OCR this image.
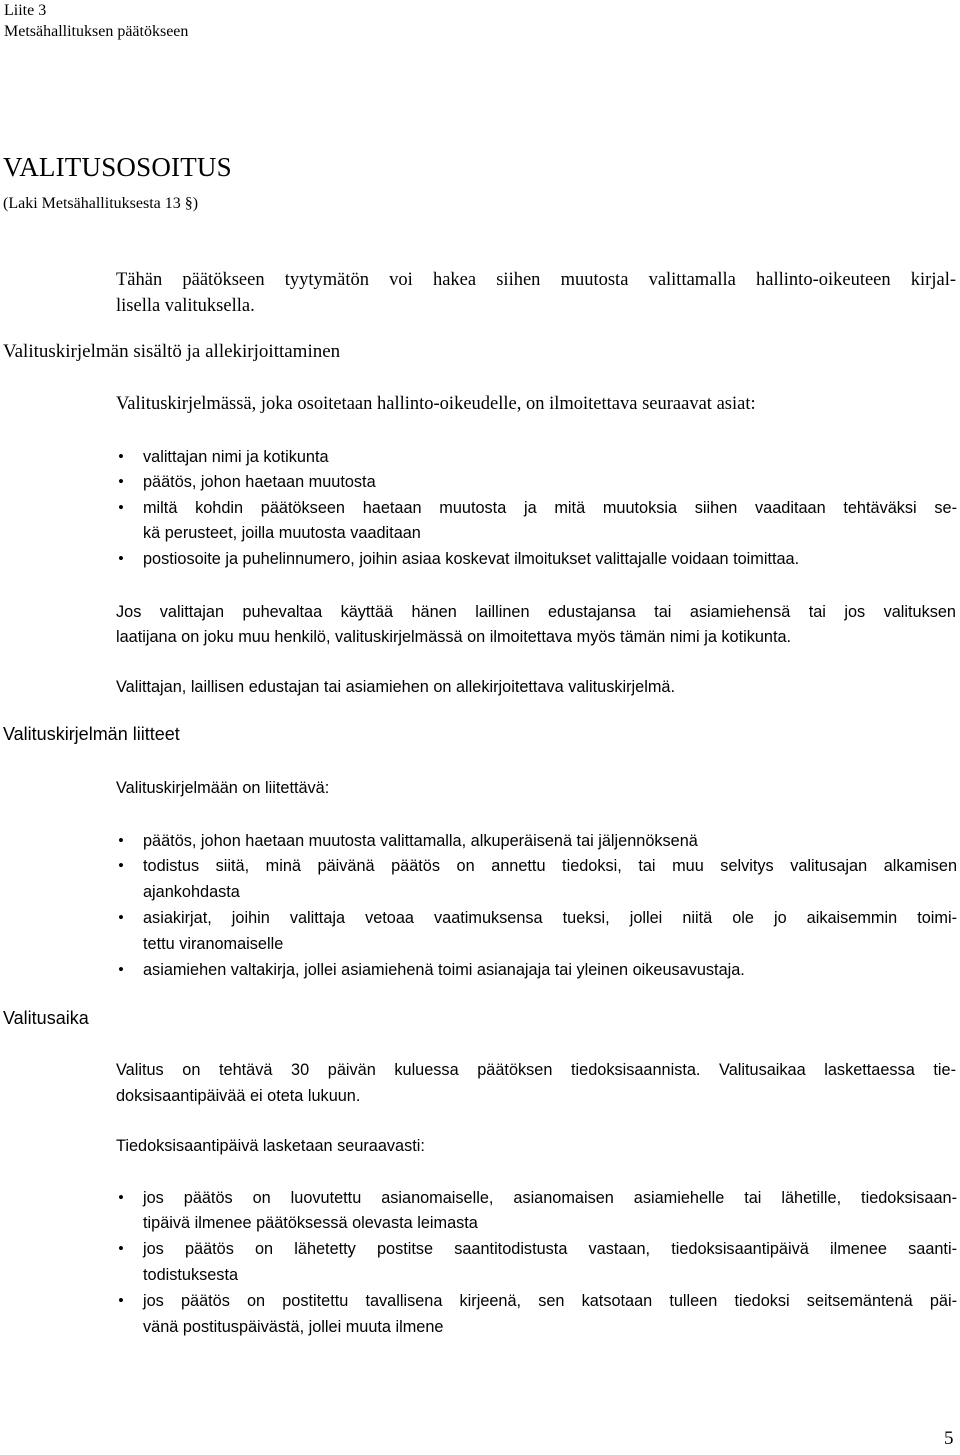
Liite 3
Metsähallituksen päätökseen
VALITUSOSOITUS
(Laki Metsähallituksesta 13 §)
Tähän päätökseen tyytymätön voi hakea siihen muutosta valittamalla hallinto-oikeuteen kirjal-
lisella valituksella.
Valituskirjelmän sisältö ja allekirjoittaminen
Valituskirjelmässä, joka osoitetaan hallinto-oikeudelle, on ilmoitettava seuraavat asiat:
• valittajan nimi ja kotikunta
• päätös, johon haetaan muutosta
• miltä kohdin päätökseen haetaan muutosta ja mitä muutoksia siihen vaaditaan tehtäväksi se-
kä perusteet, joilla muutosta vaaditaan
• postiosoite ja puhelinnumero, joihin asiaa koskevat ilmoitukset valittajalle voidaan toimittaa.
Jos valittajan puhevaltaa käyttää hänen laillinen edustajansa tai asiamiehensä tai jos valituksen
laatijana on joku muu henkilö, valituskirjelmässä on ilmoitettava myös tämän nimi ja kotikunta.
Valittajan, laillisen edustajan tai asiamiehen on allekirjoitettava valituskirjelmä.
Valituskirjelmän liitteet
Valituskirjelmään on liitettävä:
• päätös, johon haetaan muutosta valittamalla, alkuperäisenä tai jäljennöksenä
• todistus siitä, minä päivänä päätös on annettu tiedoksi, tai muu selvitys valitusajan alkamisen
ajankohdasta
• asiakirjat, joihin valittaja vetoaa vaatimuksensa tueksi, jollei niitä ole jo aikaisemmin toimi-
tettu viranomaiselle
• asiamiehen valtakirja, jollei asiamiehenä toimi asianajaja tai yleinen oikeusavustaja.
Valitusaika
Valitus on tehtävä 30 päivän kuluessa päätöksen tiedoksisaannista. Valitusaikaa laskettaessa tie-
doksisaantipäivää ei oteta lukuun.
Tiedoksisaantipäivä lasketaan seuraavasti:
• jos päätös on luovutettu asianomaiselle, asianomaisen asiamiehelle tai lähetille, tiedoksisaan-
tipäivä ilmenee päätöksessä olevasta leimasta
• jos päätös on lähetetty postitse saantitodistusta vastaan, tiedoksisaantipäivä ilmenee saanti-
todistuksesta
• jos päätös on postitettu tavallisena kirjeenä, sen katsotaan tulleen tiedoksi seitsemäntenä päi-
vänä postituspäivästä, jollei muuta ilmene
5
